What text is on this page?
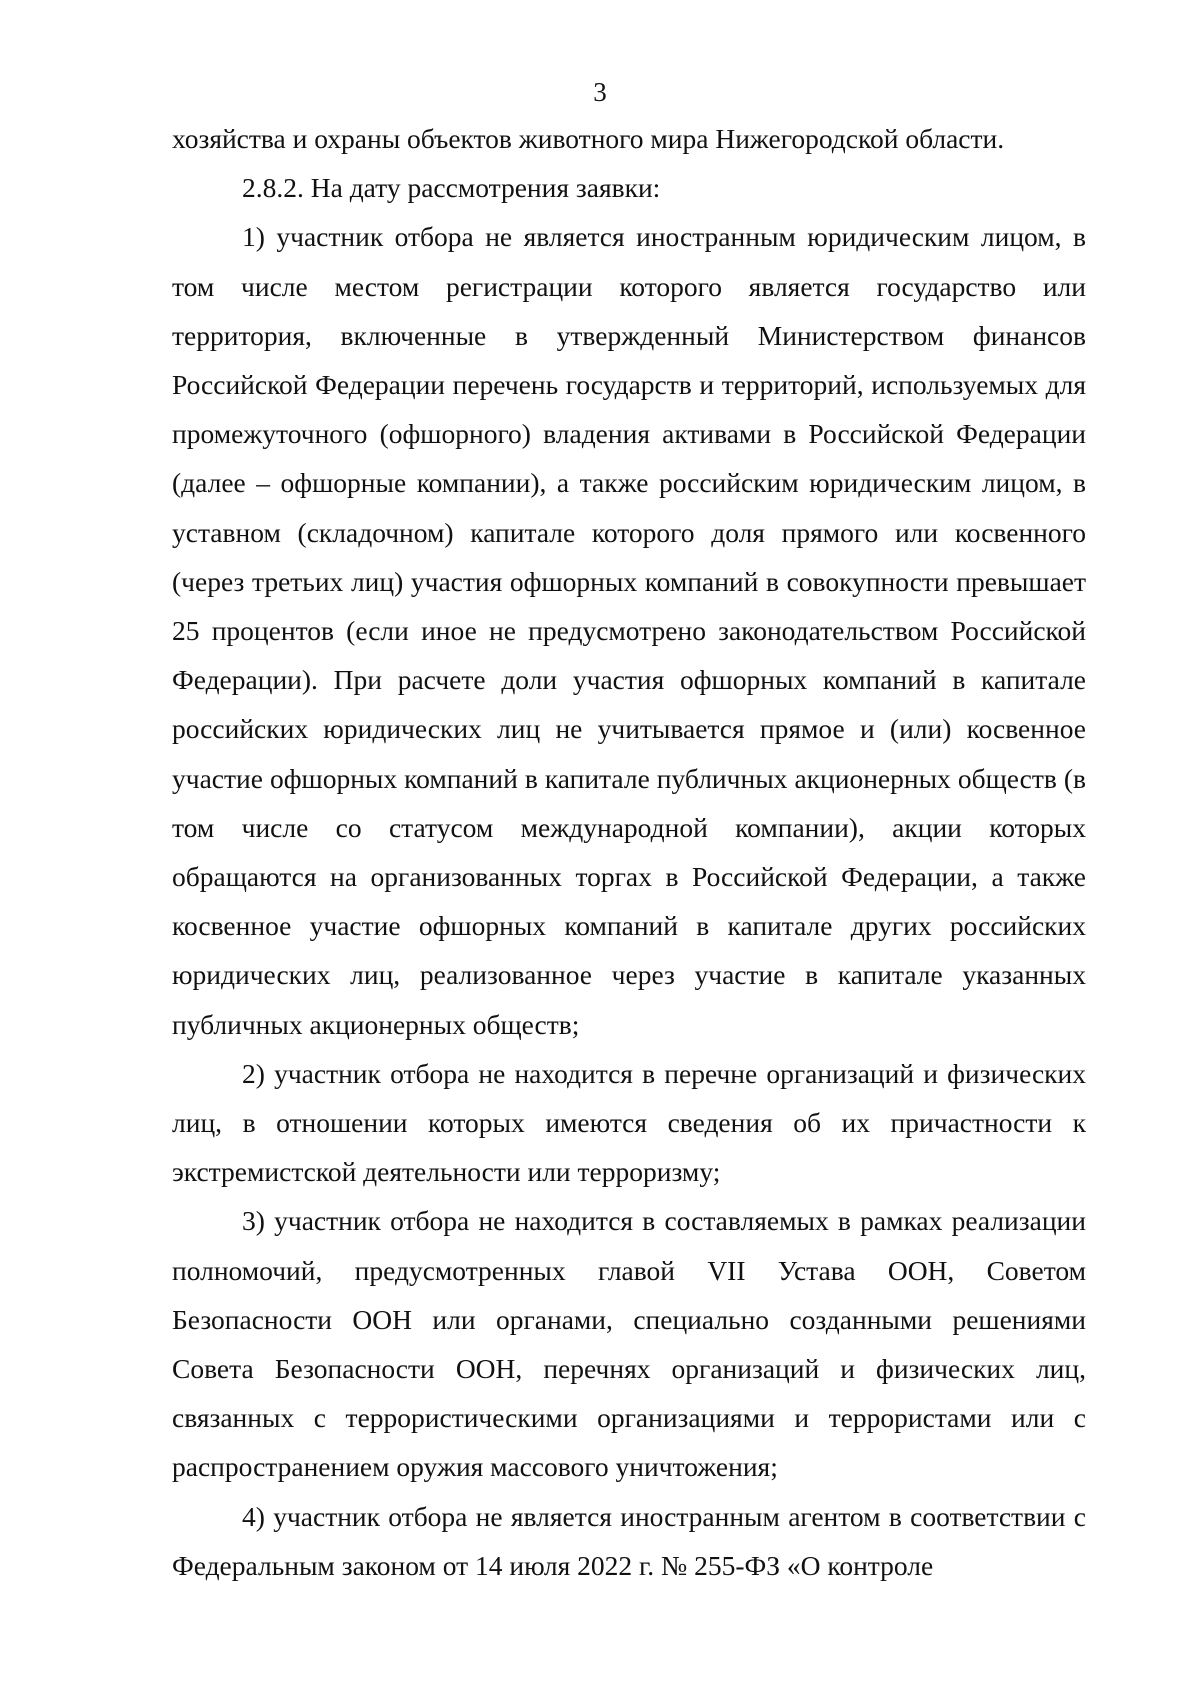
3

хозяйства и охраны объектов животного мира Нижегородской области.

2.8.2. На дату рассмотрения заявки:

1) участник отбора не является иностранным юридическим лицом, в том числе местом регистрации которого является государство или территория, включенные в утвержденный Министерством финансов Российской Федерации перечень государств и территорий, используемых для промежуточного (офшорного) владения активами в Российской Федерации (далее – офшорные компании), а также российским юридическим лицом, в уставном (складочном) капитале которого доля прямого или косвенного (через третьих лиц) участия офшорных компаний в совокупности превышает 25 процентов (если иное не предусмотрено законодательством Российской Федерации). При расчете доли участия офшорных компаний в капитале российских юридических лиц не учитывается прямое и (или) косвенное участие офшорных компаний в капитале публичных акционерных обществ (в том числе со статусом международной компании), акции которых обращаются на организованных торгах в Российской Федерации, а также косвенное участие офшорных компаний в капитале других российских юридических лиц, реализованное через участие в капитале указанных публичных акционерных обществ;

2) участник отбора не находится в перечне организаций и физических лиц, в отношении которых имеются сведения об их причастности к экстремистской деятельности или терроризму;

3) участник отбора не находится в составляемых в рамках реализации полномочий, предусмотренных главой VII Устава ООН, Советом Безопасности ООН или органами, специально созданными решениями Совета Безопасности ООН, перечнях организаций и физических лиц, связанных с террористическими организациями и террористами или с распространением оружия массового уничтожения;

4) участник отбора не является иностранным агентом в соответствии с Федеральным законом от 14 июля 2022 г. № 255-ФЗ «О контроле
